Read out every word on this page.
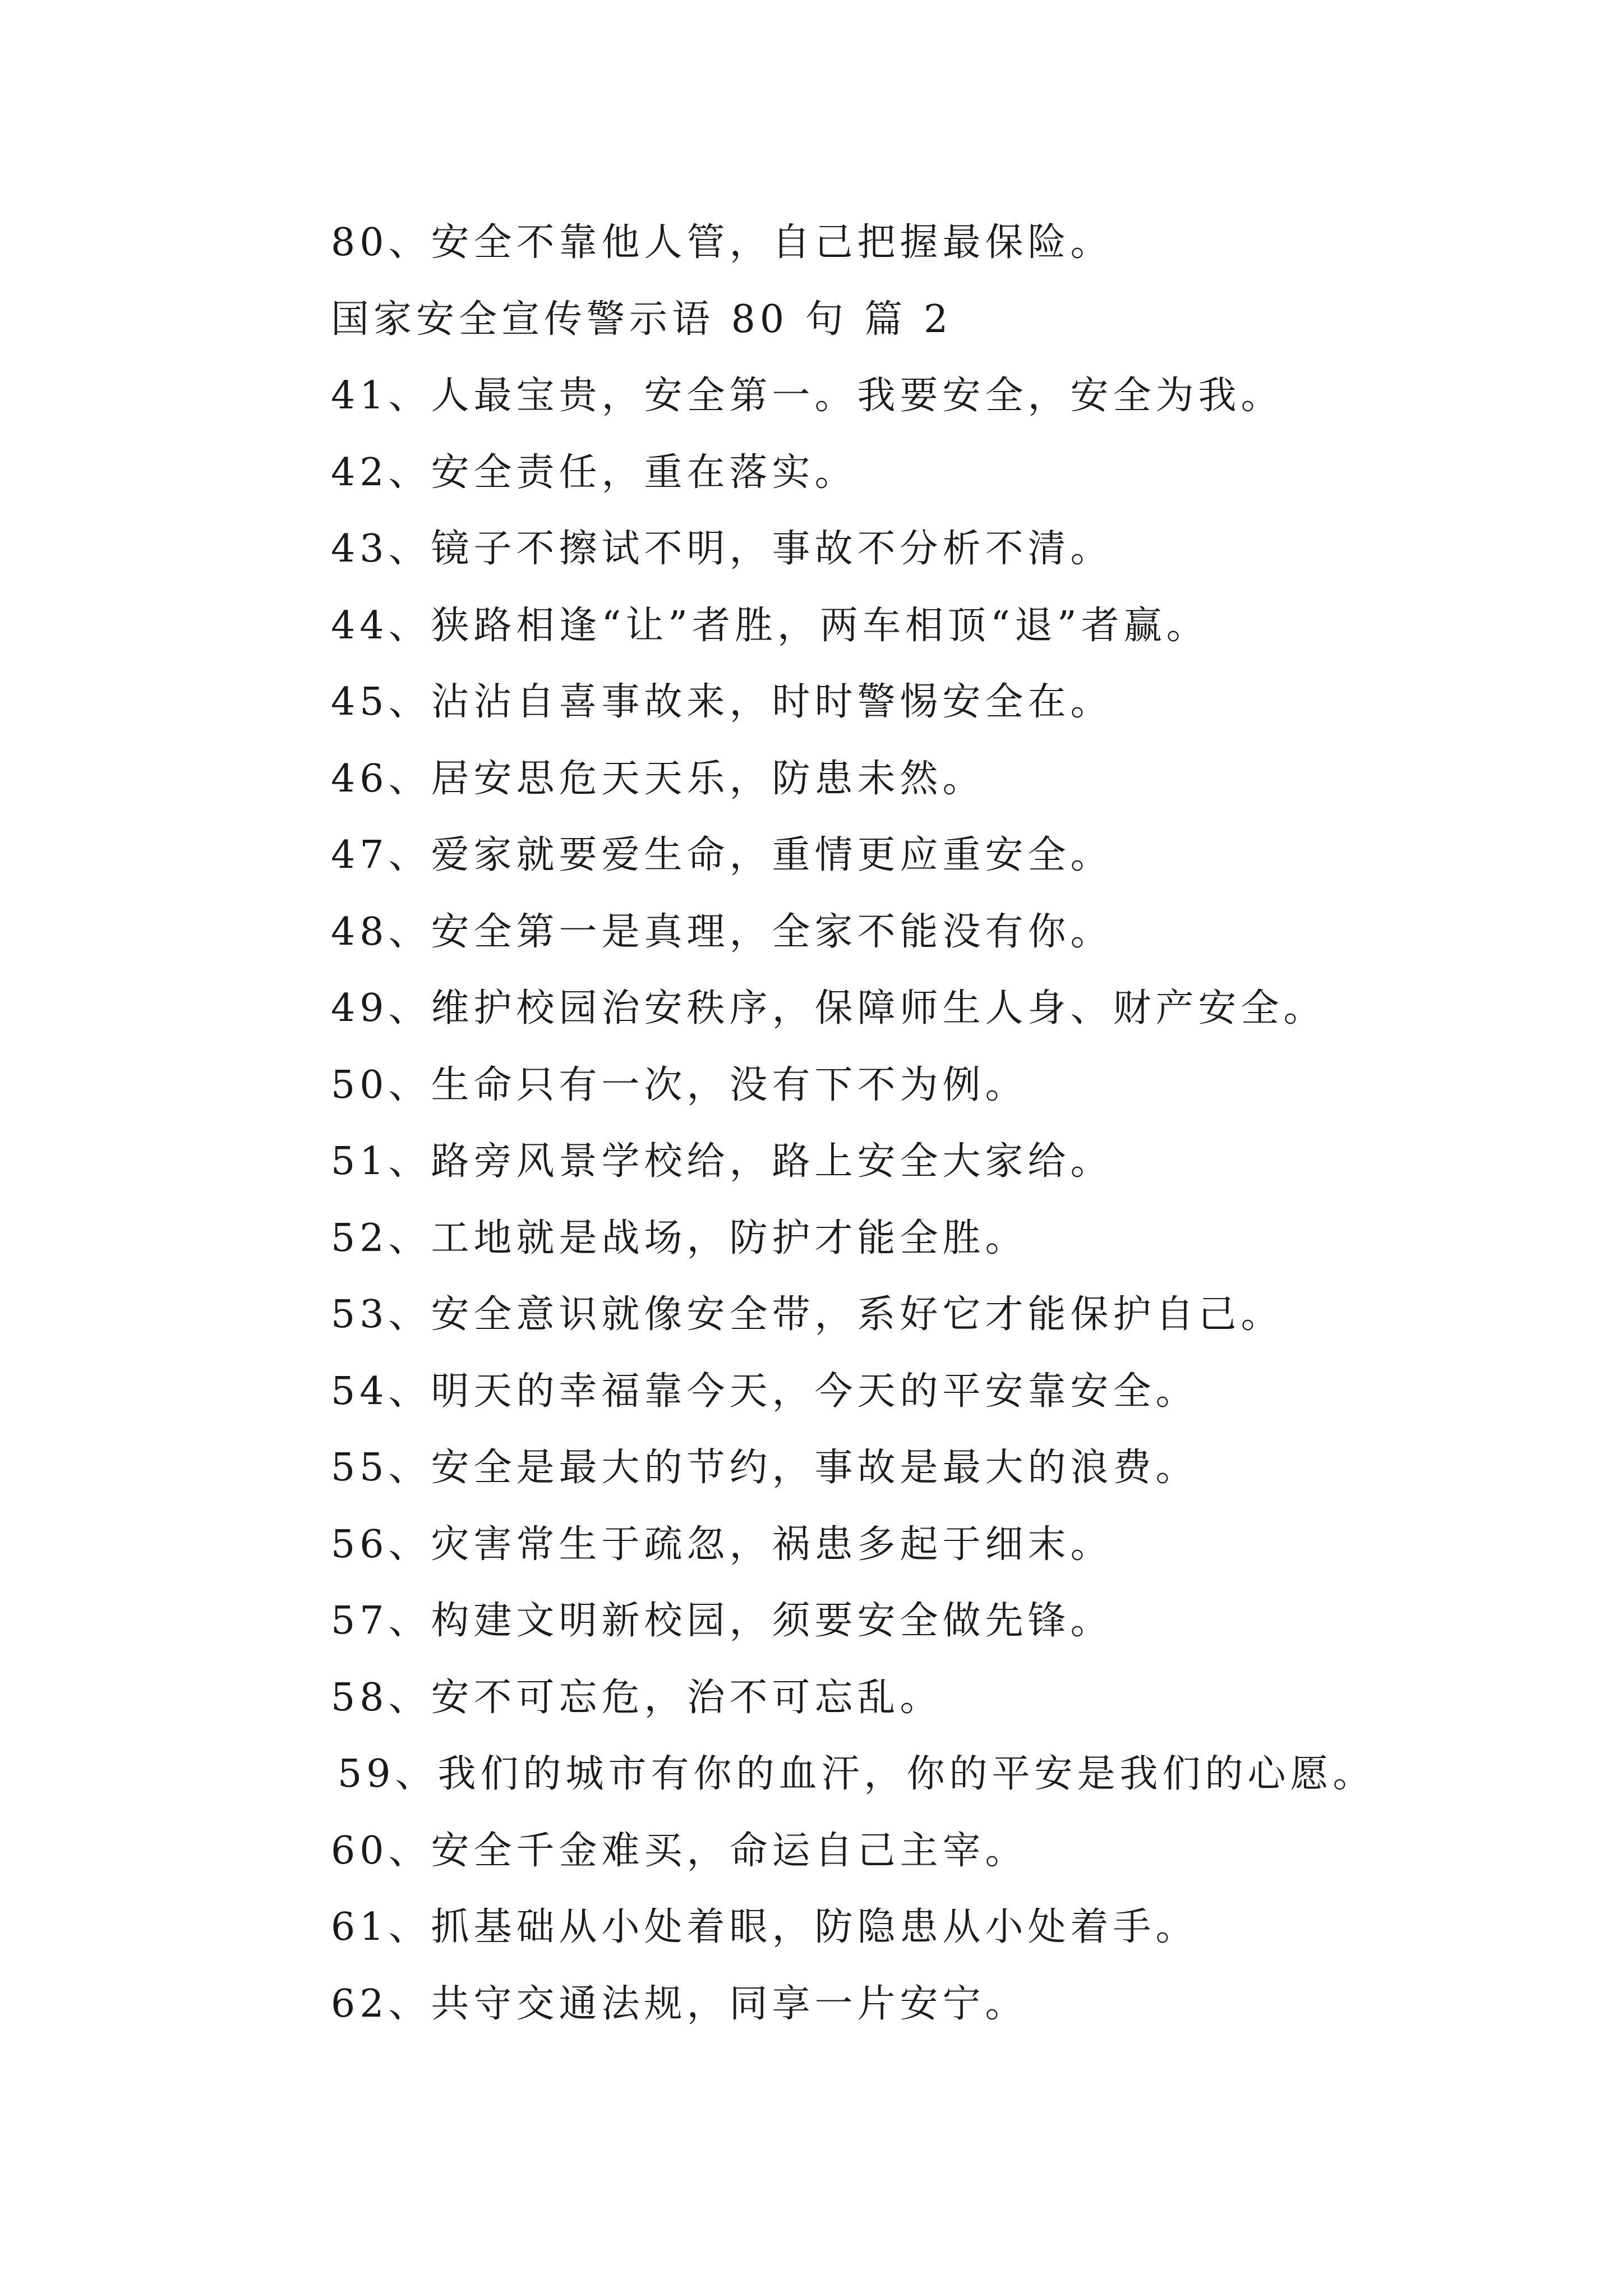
80、安全不靠他人管，自己把握最保险。
国家安全宣传警示语 80 句 篇 2
41、人最宝贵，安全第一。我要安全，安全为我。
42、安全责任，重在落实。
43、镜子不擦试不明，事故不分析不清。
44、狭路相逢“让”者胜，两车相顶“退”者赢。
45、沾沾自喜事故来，时时警惕安全在。
46、居安思危天天乐，防患未然。
47、爱家就要爱生命，重情更应重安全。
48、安全第一是真理，全家不能没有你。
49、维护校园治安秩序，保障师生人身、财产安全。
50、生命只有一次，没有下不为例。
51、路旁风景学校给，路上安全大家给。
52、工地就是战场，防护才能全胜。
53、安全意识就像安全带，系好它才能保护自己。
54、明天的幸福靠今天，今天的平安靠安全。
55、安全是最大的节约，事故是最大的浪费。
56、灾害常生于疏忽，祸患多起于细末。
57、构建文明新校园，须要安全做先锋。
58、安不可忘危，治不可忘乱。
59、我们的城市有你的血汗，你的平安是我们的心愿。
60、安全千金难买，命运自己主宰。
61、抓基础从小处着眼，防隐患从小处着手。
62、共守交通法规，同享一片安宁。
